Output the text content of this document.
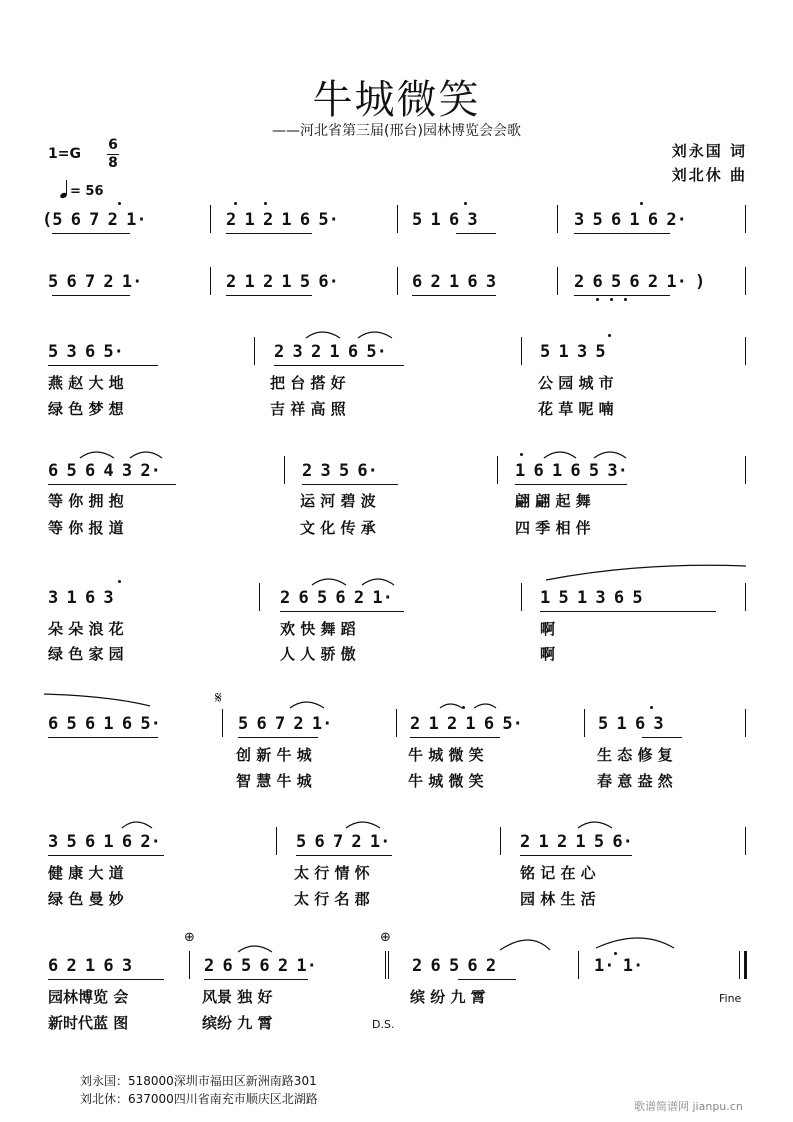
牛城微笑
——河北省第三届(邢台)园林博览会会歌
1=G
6
8
= 56
刘永国 词
刘北休 曲
(5 6 7 2 1·	2 1 2 1 6 5·	5 1 6 3	3 5 6 1 6 2·
5 6 7 2 1·	2 1 2 1 5 6·	6 2 1 6 3	2 6 5 6 2 1· )
5 3 6 5·	2 3 2 1 6 5·	5 1 3 5
燕 赵 大 地	把 台 搭 好	公 园 城 市
绿 色 梦 想	吉 祥 高 照	花 草 呢 喃
6 5 6 4 3 2·	2 3 5 6·	1 6 1 6 5 3·
等 你 拥 抱	运 河 碧 波	翩 翩 起 舞
等 你 报 道	文 化 传 承	四 季 相 伴
3 1 6 3	2 6 5 6 2 1·	1 5 1 3 6 5
朵 朵 浪 花	欢 快 舞 蹈	啊
绿 色 家 园	人 人 骄 傲	啊
6 5 6 1 6 5·
𝄋
5 6 7 2 1·	2 1 2 1 6 5·	5 1 6 3
创 新 牛 城	牛 城 微 笑	生 态 修 复
智 慧 牛 城	牛 城 微 笑	春 意 盎 然
3 5 6 1 6 2·	5 6 7 2 1·	2 1 2 1 5 6·
健 康 大 道	太 行 情 怀	铭 记 在 心
绿 色 曼 妙	太 行 名 郡	园 林 生 活
⊕	⊕
6 2 1 6 3	2 6 5 6 2 1·	2 6 5 6 2	1· 1·
园林博览 会	风景 独 好	缤 纷 九 霄
新时代蓝 图	缤纷 九 霄
Fine
D.S.
刘永国：518000深圳市福田区新洲南路301
刘北休：637000四川省南充市顺庆区北湖路
歌谱简谱网 jianpu.cn
